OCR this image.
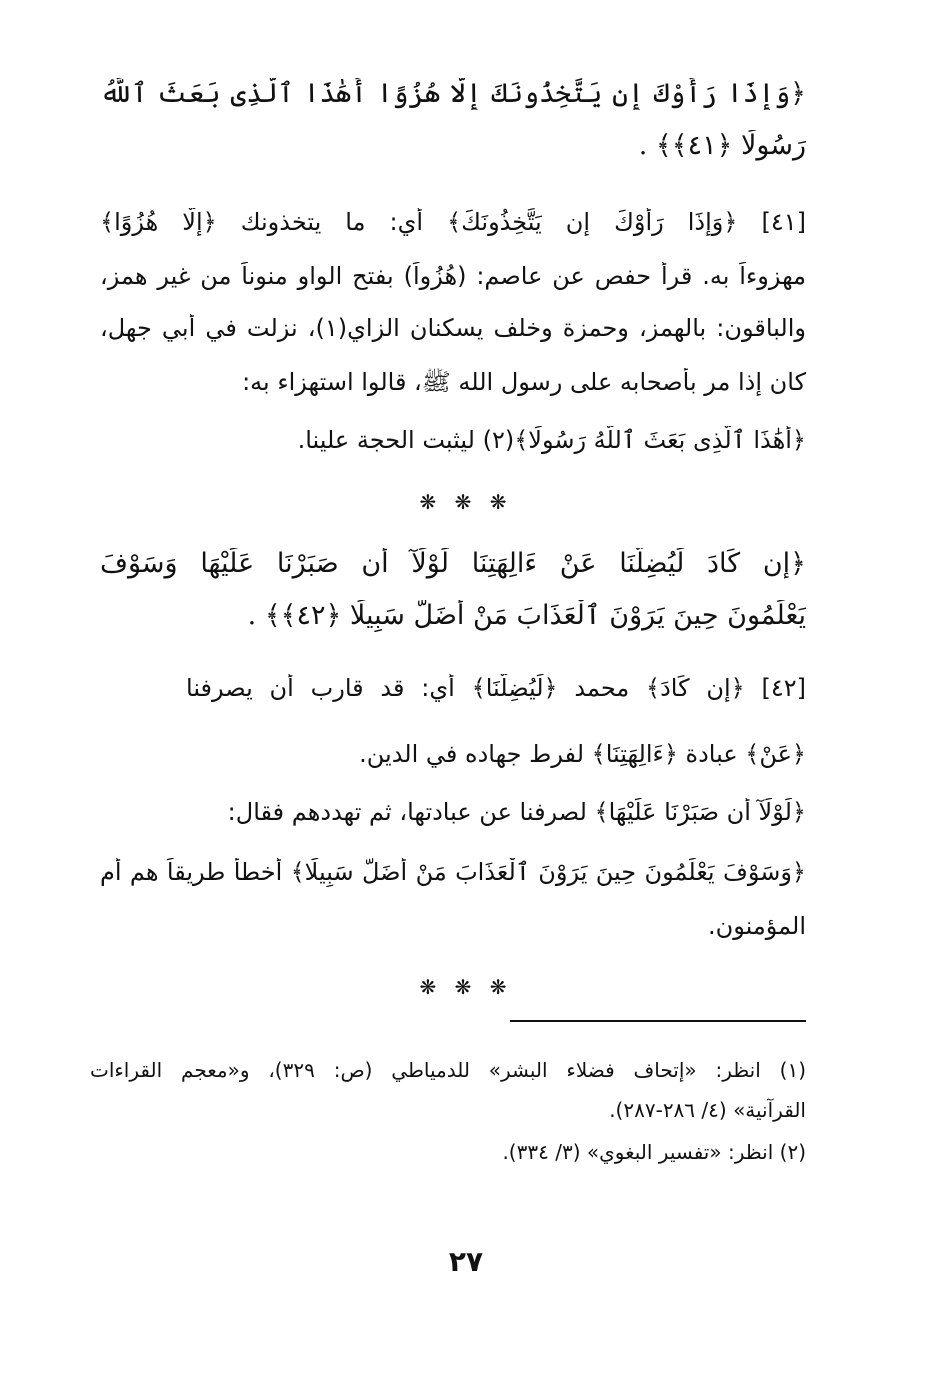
﴿وَإِذَا رَأَوْكَ إِن يَتَّخِذُونَكَ إِلَّا هُزُوًا أَهَٰذَا ٱلَّذِى بَعَثَ ٱللَّهُ
رَسُولًا ﴿٤١﴾﴾ .
[٤١] ﴿وَإِذَا رَأَوْكَ إِن يَتَّخِذُونَكَ﴾ أي: ما يتخذونك ﴿إِلَّا هُزُوًا﴾
مهزوءاً به. قرأ حفص عن عاصم: (هُزُواً) بفتح الواو منوناً من غير همز،
والباقون: بالهمز، وحمزة وخلف يسكنان الزاي(١)، نزلت في أبي جهل،
كان إذا مر بأصحابه على رسول الله ﷺ، قالوا استهزاء به:
﴿أَهَٰذَا ٱلَّذِى بَعَثَ ٱللَّهُ رَسُولًا﴾(٢) ليثبت الحجة علينا.
❋ ❋ ❋
﴿إِن كَادَ لَيُضِلُّنَا عَنْ ءَالِهَتِنَا لَوْلَآ أَن صَبَرْنَا عَلَيْهَا وَسَوْفَ
يَعْلَمُونَ حِينَ يَرَوْنَ ٱلْعَذَابَ مَنْ أَضَلُّ سَبِيلًا ﴿٤٢﴾﴾ .
[٤٢] ﴿إِن كَادَ﴾ محمد ﴿لَيُضِلُّنَا﴾ أي: قد قارب أن يصرفنا
﴿عَنْ﴾ عبادة ﴿ءَالِهَتِنَا﴾ لفرط جهاده في الدين.
﴿لَوْلَآ أَن صَبَرْنَا عَلَيْهَا﴾ لصرفنا عن عبادتها، ثم تهددهم فقال:
﴿وَسَوْفَ يَعْلَمُونَ حِينَ يَرَوْنَ ٱلْعَذَابَ مَنْ أَضَلُّ سَبِيلًا﴾ أخطأ طريقاً هم أم
المؤمنون.
❋ ❋ ❋
(١) انظر: «إتحاف فضلاء البشر» للدمياطي (ص: ٣٢٩)، و«معجم القراءات
القرآنية» (٤/ ٢٨٦-٢٨٧).
(٢) انظر: «تفسير البغوي» (٣/ ٣٣٤).
٢٧
